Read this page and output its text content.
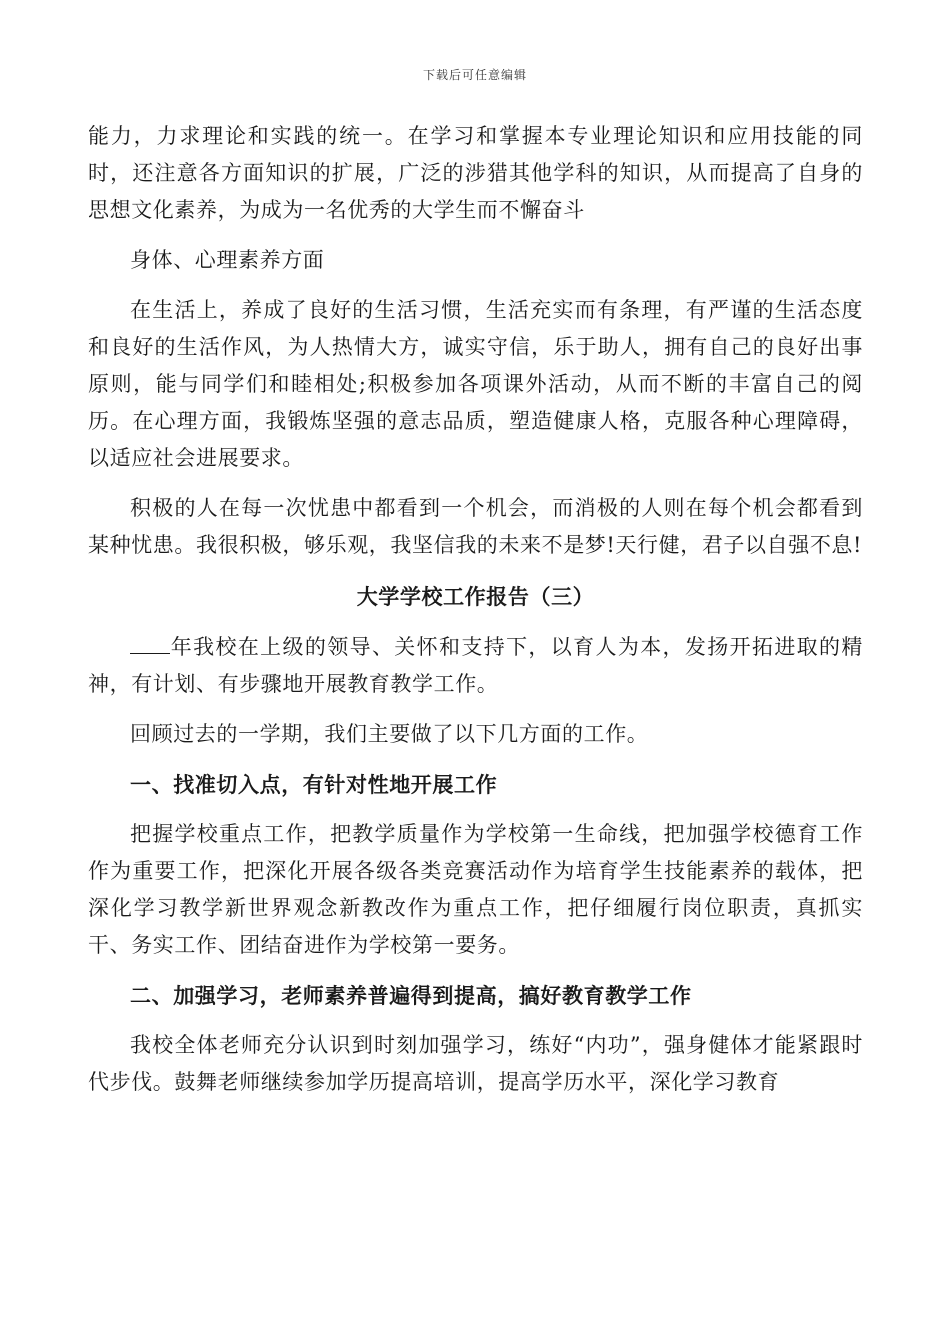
下载后可任意编辑

能力，力求理论和实践的统一。在学习和掌握本专业理论知识和应用技能的同时，还注意各方面知识的扩展，广泛的涉猎其他学科的知识，从而提高了自身的思想文化素养，为成为一名优秀的大学生而不懈奋斗

身体、心理素养方面

在生活上，养成了良好的生活习惯，生活充实而有条理，有严谨的生活态度和良好的生活作风，为人热情大方，诚实守信，乐于助人，拥有自己的良好出事原则，能与同学们和睦相处;积极参加各项课外活动，从而不断的丰富自己的阅历。在心理方面，我锻炼坚强的意志品质，塑造健康人格，克服各种心理障碍，以适应社会进展要求。

积极的人在每一次忧患中都看到一个机会，而消极的人则在每个机会都看到某种忧患。我很积极，够乐观，我坚信我的未来不是梦!天行健，君子以自强不息!

大学学校工作报告（三）

年我校在上级的领导、关怀和支持下，以育人为本，发扬开拓进取的精神，有计划、有步骤地开展教育教学工作。

回顾过去的一学期，我们主要做了以下几方面的工作。

一、找准切入点，有针对性地开展工作

把握学校重点工作，把教学质量作为学校第一生命线，把加强学校德育工作作为重要工作，把深化开展各级各类竞赛活动作为培育学生技能素养的载体，把深化学习教学新世界观念新教改作为重点工作，把仔细履行岗位职责，真抓实干、务实工作、团结奋进作为学校第一要务。

二、加强学习，老师素养普遍得到提高，搞好教育教学工作

我校全体老师充分认识到时刻加强学习，练好“内功”，强身健体才能紧跟时代步伐。鼓舞老师继续参加学历提高培训，提高学历水平，深化学习教育
